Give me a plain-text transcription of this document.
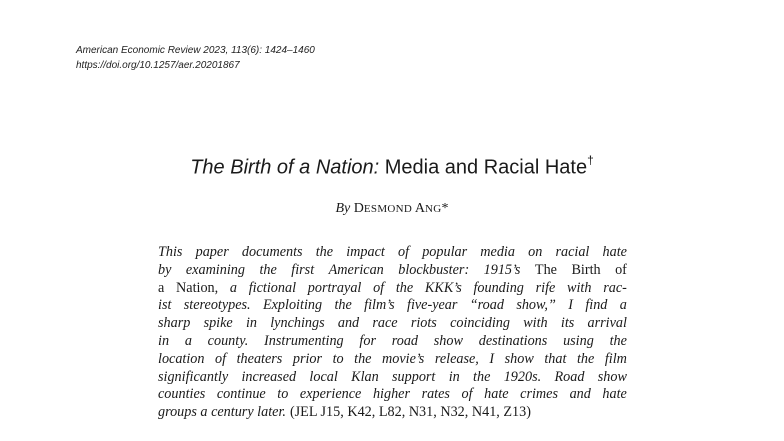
American Economic Review 2023, 113(6): 1424–1460
https://doi.org/10.1257/aer.20201867
The Birth of a Nation: Media and Racial Hate†
By DESMOND ANG*
This paper documents the impact of popular media on racial hate
by examining the first American blockbuster: 1915’s The Birth of
a Nation, a fictional portrayal of the KKK’s founding rife with rac-
ist stereotypes. Exploiting the film’s five-year “road show,” I find a
sharp spike in lynchings and race riots coinciding with its arrival
in a county. Instrumenting for road show destinations using the
location of theaters prior to the movie’s release, I show that the film
significantly increased local Klan support in the 1920s. Road show
counties continue to experience higher rates of hate crimes and hate
groups a century later. (JEL J15, K42, L82, N31, N32, N41, Z13)
